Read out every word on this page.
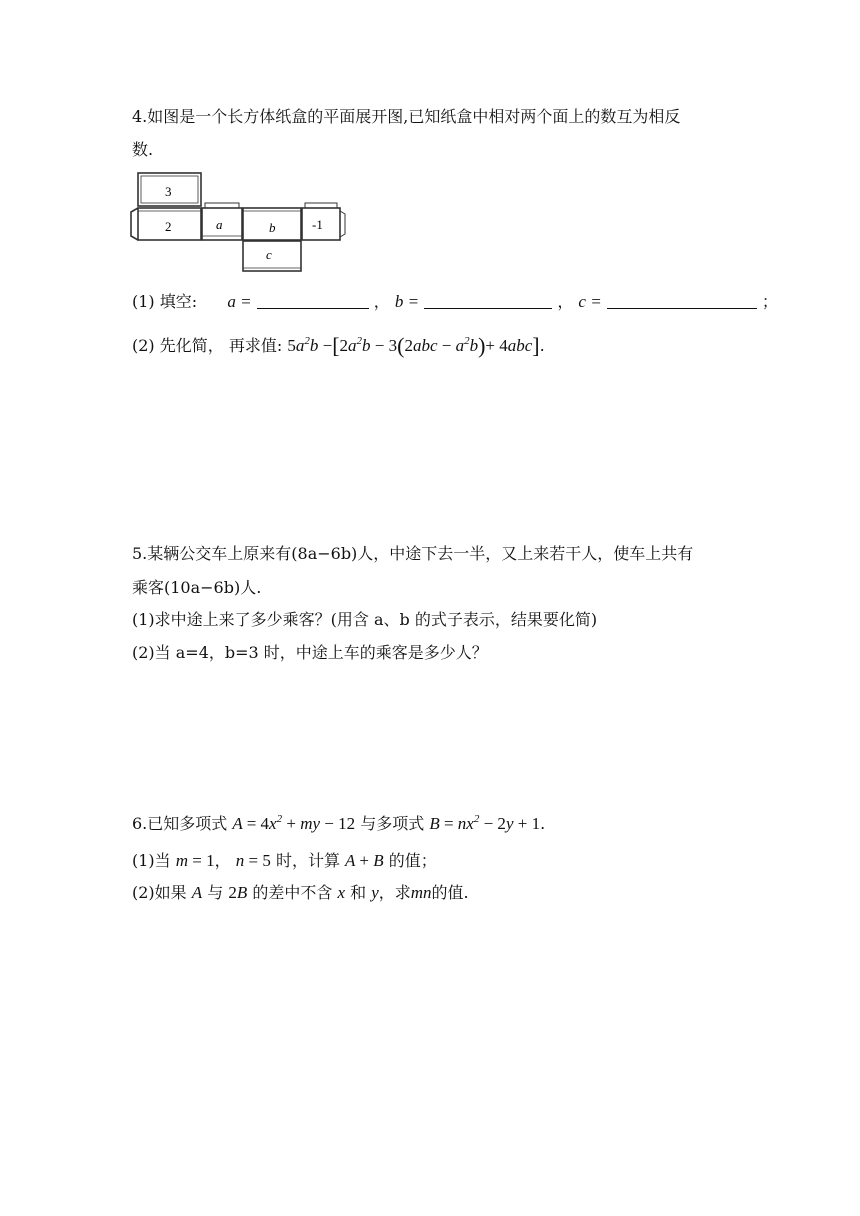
4.如图是一个长方体纸盒的平面展开图,已知纸盒中相对两个面上的数互为相反
数.
3
2	a	b	-1
c
(1) 填空: a =	， b =	， c =	；
(2) 先化简， 再求值: $5a^2b -[2a^2b - 3(2abc - a^2b)+ 4abc]$.
5.某辆公交车上原来有(8a−6b)人，中途下去一半，又上来若干人，使车上共有
乘客(10a−6b)人.
(1)求中途上来了多少乘客？(用含 a、b 的式子表示，结果要化简)
(2)当 a=4，b=3 时，中途上车的乘客是多少人？
6.已知多项式 $A = 4x^2$ + my − 12 与多项式 $B = nx^2 - 2y + 1$.
(1)当 m = 1， n = 5 时，计算 A + B 的值；
(2)如果 A 与 2B 的差中不含 x 和 y，求mn的值.
